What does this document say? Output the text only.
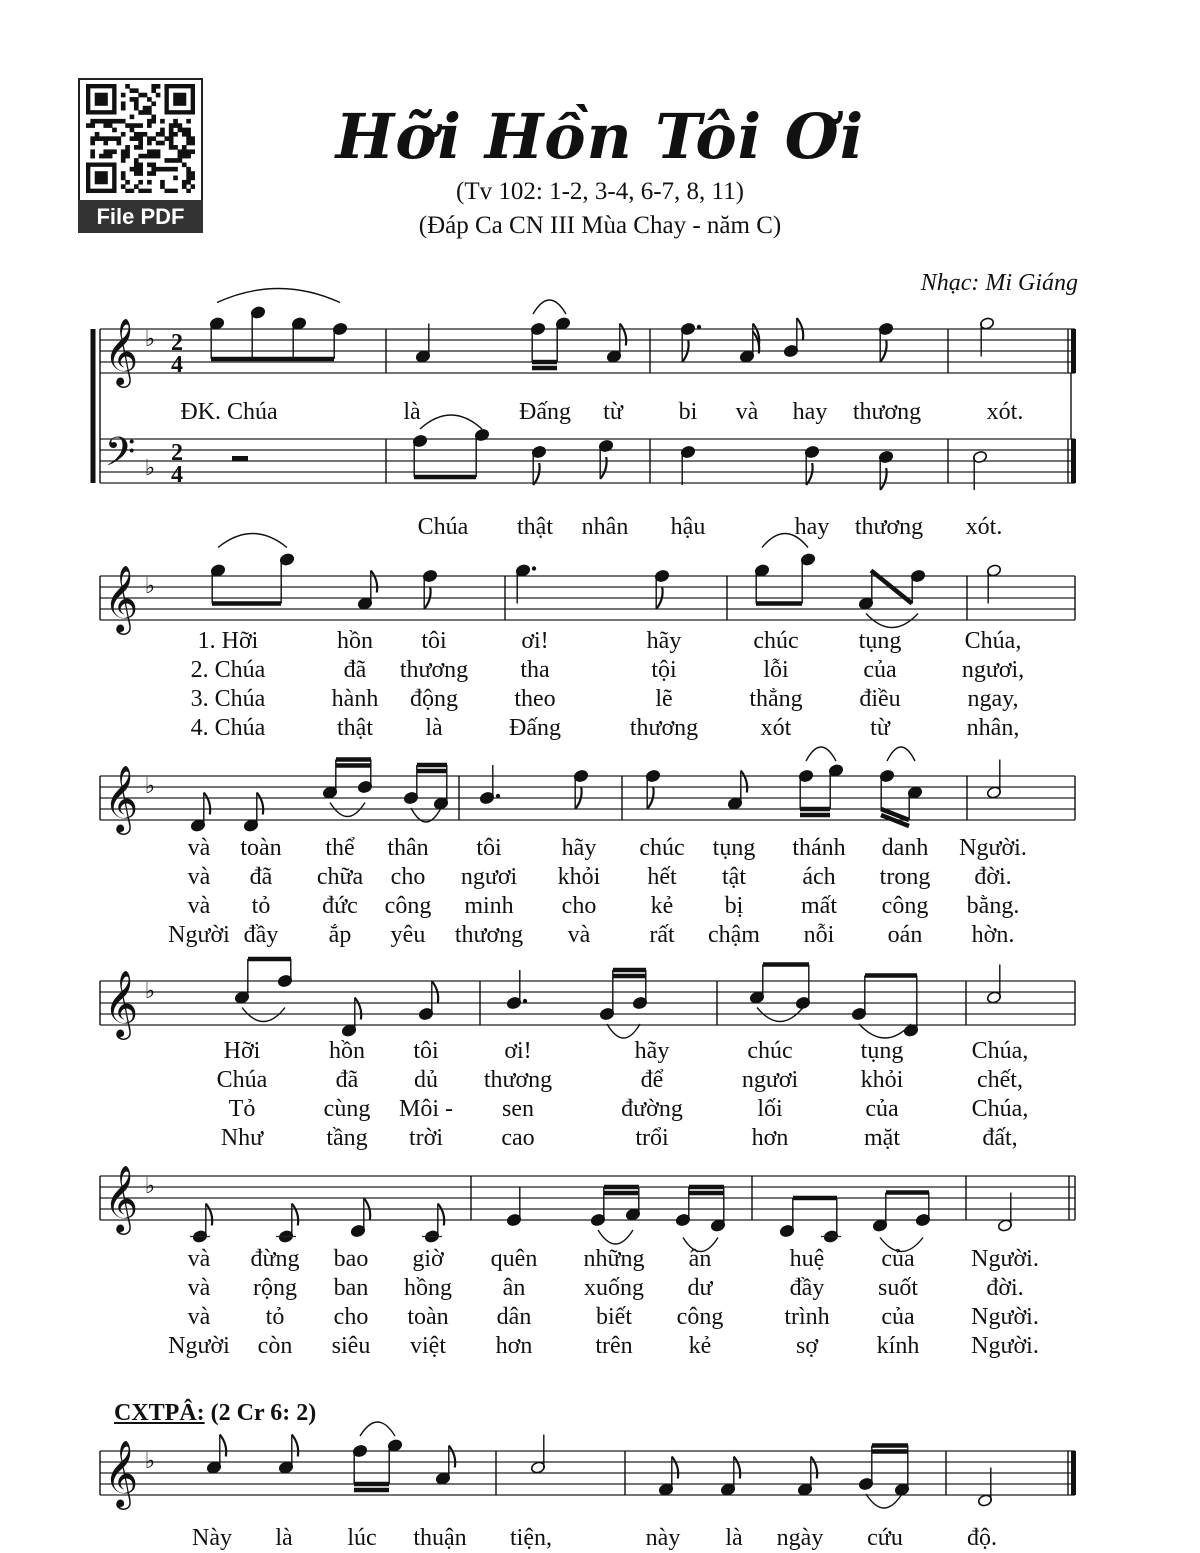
𝄞
𝄢
♭
♭
2
4
2
4
ĐK. Chúa	là	Đấng từ bi và hay thương	xót.
Chúa thật nhân hậu	hay thương xót.
𝄞 ♭
1. Hỡi	hồn tôi	ơi!	hãy	chúc	tụng	Chúa,
2. Chúa	đã thương tha	tội	lỗi	của	ngươi,
3. Chúa	hành động theo	lẽ	thẳng điều	ngay,
4. Chúa	thật là	Đấng	thương	xót	từ	nhân,
𝄞 ♭
và toàn thể thân tôi	hãy chúc tụng thánh danh Người.
và đã chữa cho ngươi khỏi hết tật ách trong đời.
và tỏ đức công minh cho kẻ bị mất công bằng.
Người đầy ắp yêu thương và rất chậm nỗi oán hờn.
𝄞 ♭
Hỡi	hồn tôi	ơi!	hãy	chúc	tụng	Chúa,
Chúa	đã dủ thương	để	ngươi	khỏi	chết,
Tỏ	cùng Môi - sen	đường	lối	của	Chúa,
Như	tầng trời cao	trổi	hơn	mặt	đất,
𝄞 ♭
và đừng bao giờ quên những ân	huệ của Người.
và rộng ban hồng ân xuống dư	đầy suốt	đời.
và tỏ cho toàn dân	biết công	trình của Người.
Người còn siêu việt hơn	trên kẻ	sợ kính Người.
𝄞 ♭
Này là lúc thuận tiện,	này là ngày cứu	độ.
File PDF
Hỡi Hồn Tôi Ơi
(Tv 102: 1-2, 3-4, 6-7, 8, 11)
(Đáp Ca CN III Mùa Chay - năm C)
Nhạc: Mi Giáng
CXTPÂ: (2 Cr 6: 2)
